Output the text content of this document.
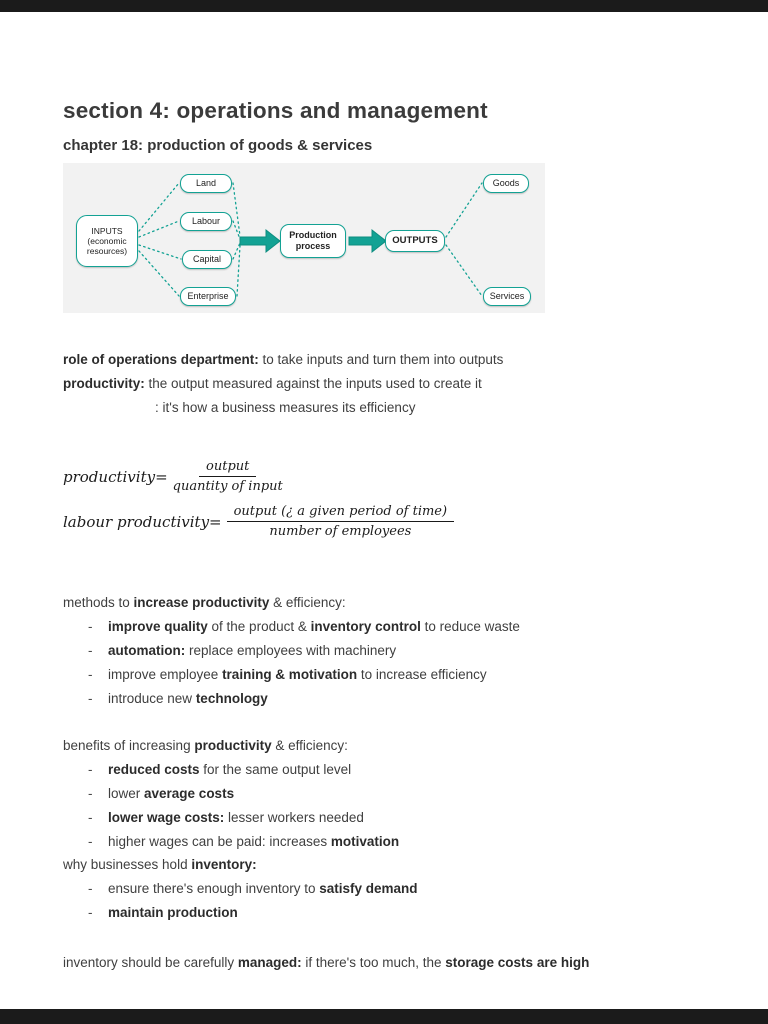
section 4: operations and management
chapter 18: production of goods & services
INPUTS
(economic
resources)
Land
Labour
Capital
Enterprise
Production
process	OUTPUTS
Goods
Services

role of operations department: to take inputs and turn them into outputs

productivity: the output measured against the inputs used to create it

: it's how a business measures its efficiency

productivity= $\frac{\text{output}}{\text{quantity of input}}$
labour productivity= $\frac{\text{output (¿ a given period of time)}}{\text{number of employees}}$

methods to increase productivity & efficiency:

-	improve quality of the product & inventory control to reduce waste
-	automation: replace employees with machinery
-	improve employee training & motivation to increase efficiency
-	introduce new technology

benefits of increasing productivity & efficiency:

-	reduced costs for the same output level
-	lower average costs
-	lower wage costs: lesser workers needed
-	higher wages can be paid: increases motivation

why businesses hold inventory:

-	ensure there's enough inventory to satisfy demand
-	maintain production

inventory should be carefully managed: if there's too much, the storage costs are high
